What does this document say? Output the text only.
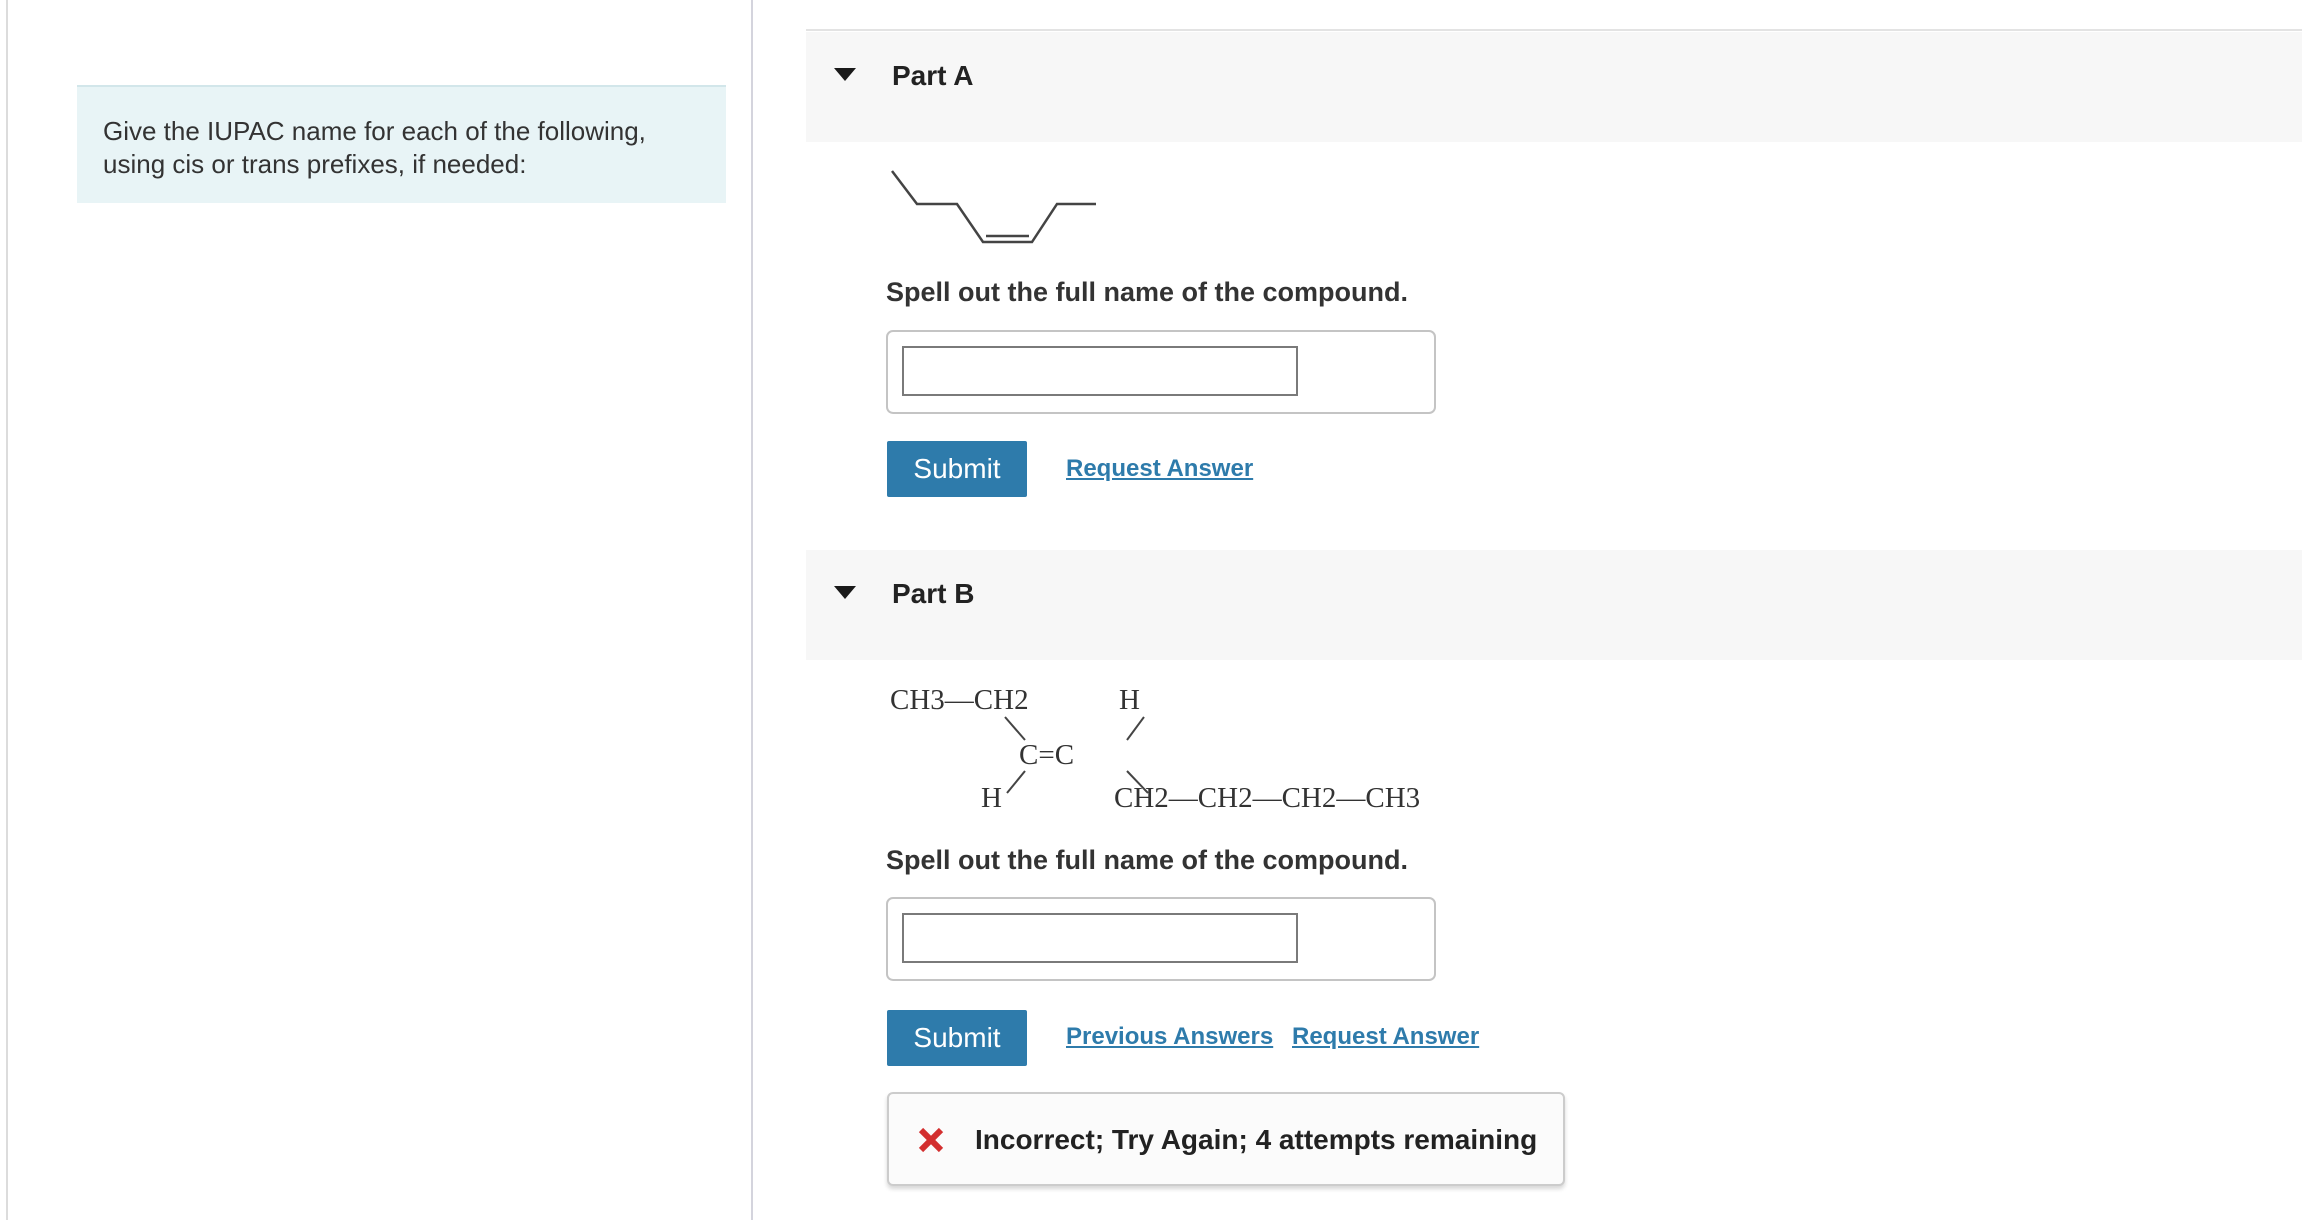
Give the IUPAC name for each of the following, using cis or trans prefixes, if needed:
Part A
Spell out the full name of the compound.
Submit	Request Answer
Part B
CH3—CH2	H
C=C
H	CH2—CH2—CH2—CH3
Spell out the full name of the compound.
Submit	Previous Answers Request Answer
Incorrect; Try Again; 4 attempts remaining
